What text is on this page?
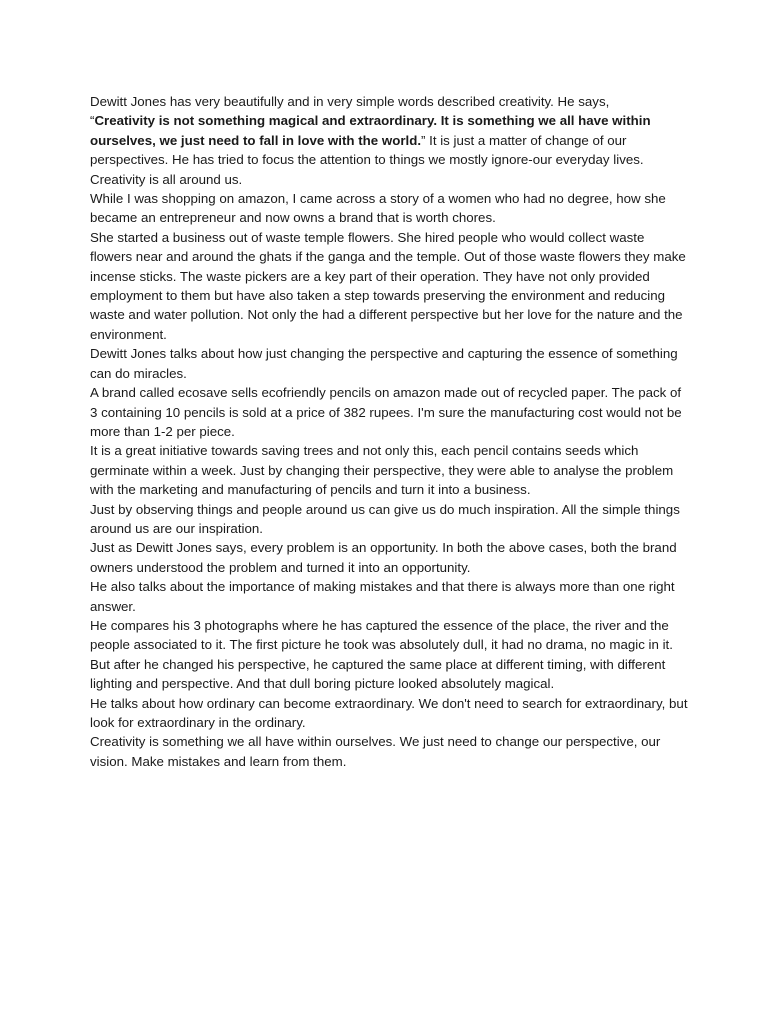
Dewitt Jones has very beautifully and in very simple words described creativity. He says,
“Creativity is not something magical and extraordinary. It is something we all have within ourselves, we just need to fall in love with the world.” It is just a matter of change of our perspectives. He has tried to focus the attention to things we mostly ignore-our everyday lives. Creativity is all around us.

While I was shopping on amazon, I came across a story of a women who had no degree, how she became an entrepreneur and now owns a brand that is worth chores.

She started a business out of waste temple flowers. She hired people who would collect waste flowers near and around the ghats if the ganga and the temple. Out of those waste flowers they make incense sticks. The waste pickers are a key part of their operation. They have not only provided employment to them but have also taken a step towards preserving the environment and reducing waste and water pollution. Not only the had a different perspective but her love for the nature and the environment.

Dewitt Jones talks about how just changing the perspective and capturing the essence of something can do miracles.

A brand called ecosave sells ecofriendly pencils on amazon made out of recycled paper. The pack of 3 containing 10 pencils is sold at a price of 382 rupees. I'm sure the manufacturing cost would not be more than 1-2 per piece.

It is a great initiative towards saving trees and not only this, each pencil contains seeds which germinate within a week. Just by changing their perspective, they were able to analyse the problem with the marketing and manufacturing of pencils and turn it into a business.

Just by observing things and people around us can give us do much inspiration. All the simple things around us are our inspiration.

Just as Dewitt Jones says, every problem is an opportunity. In both the above cases, both the brand owners understood the problem and turned it into an opportunity.

He also talks about the importance of making mistakes and that there is always more than one right answer.

He compares his 3 photographs where he has captured the essence of the place, the river and the people associated to it. The first picture he took was absolutely dull, it had no drama, no magic in it.

But after he changed his perspective, he captured the same place at different timing, with different lighting and perspective. And that dull boring picture looked absolutely magical.

He talks about how ordinary can become extraordinary. We don't need to search for extraordinary, but look for extraordinary in the ordinary.

Creativity is something we all have within ourselves. We just need to change our perspective, our vision. Make mistakes and learn from them.
